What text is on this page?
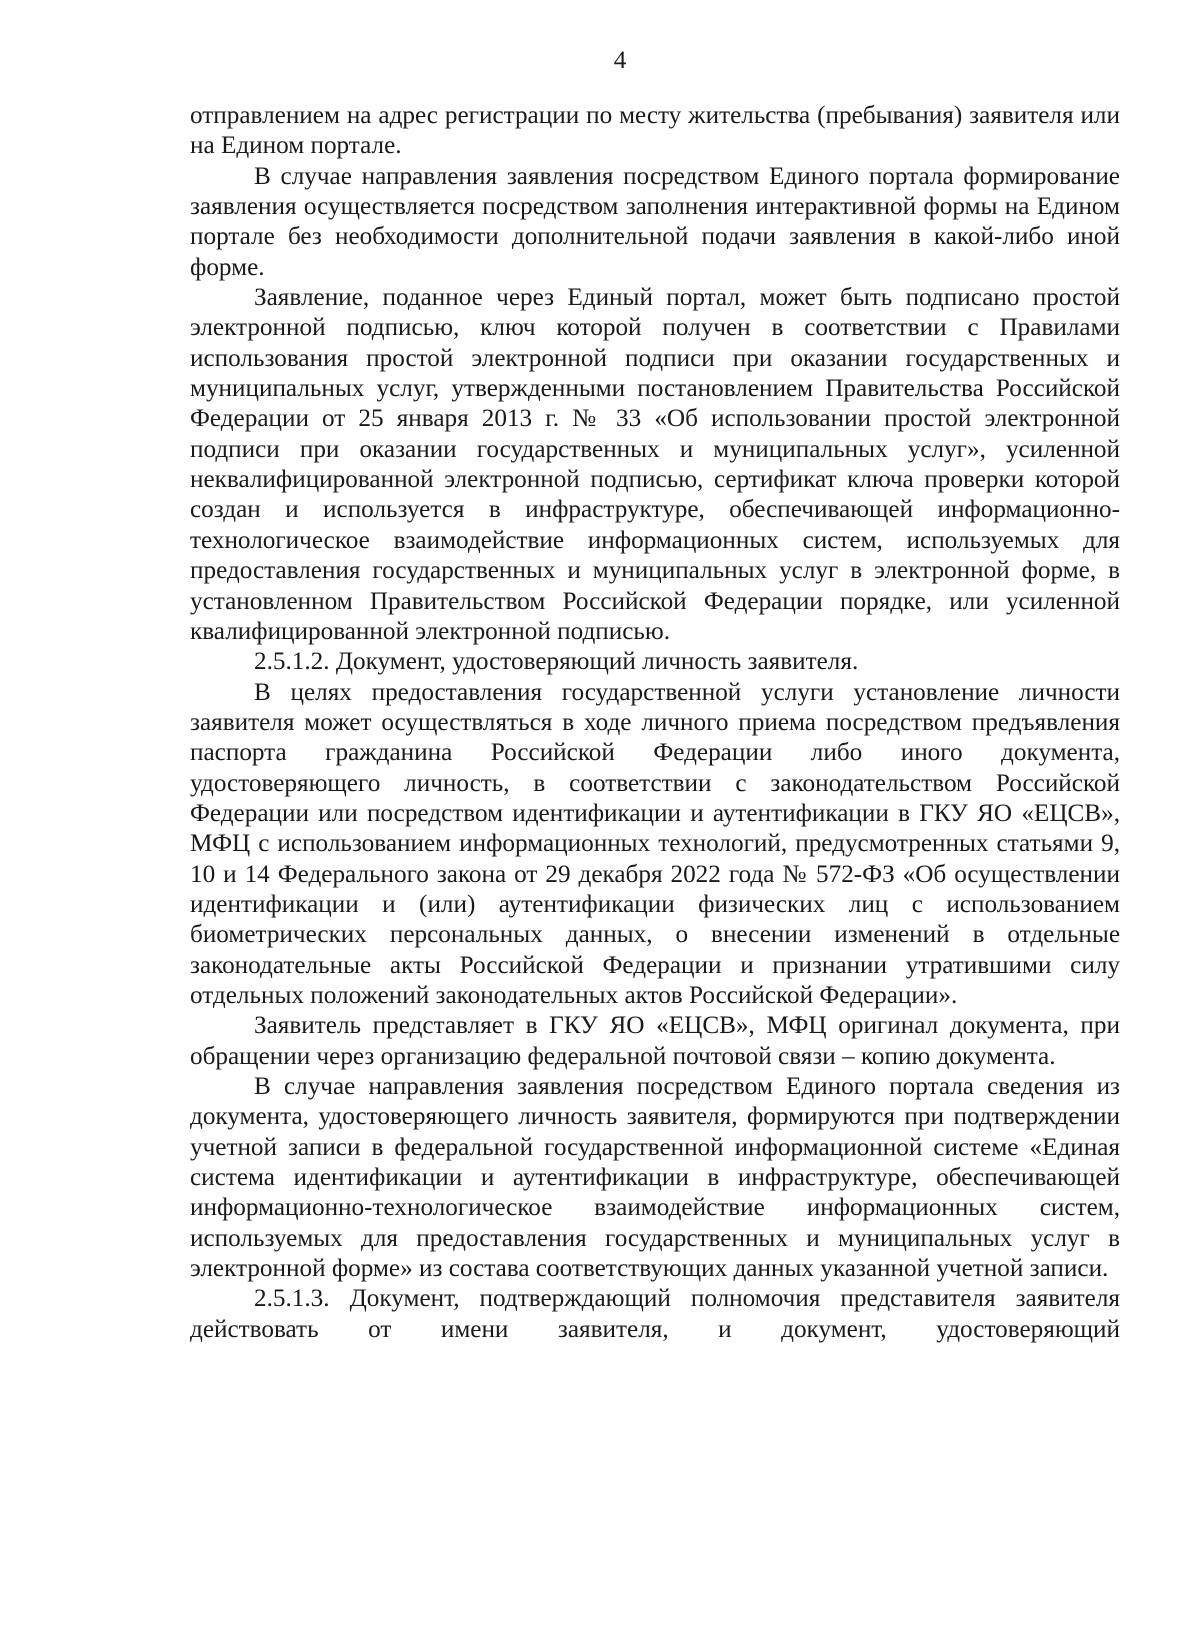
4

отправлением на адрес регистрации по месту жительства (пребывания) заявителя или на Едином портале.

В случае направления заявления посредством Единого портала формирование заявления осуществляется посредством заполнения интерактивной формы на Едином портале без необходимости дополнительной подачи заявления в какой-либо иной форме.

Заявление, поданное через Единый портал, может быть подписано простой электронной подписью, ключ которой получен в соответствии с Правилами использования простой электронной подписи при оказании государственных и муниципальных услуг, утвержденными постановлением Правительства Российской Федерации от 25 января 2013 г. № 33 «Об использовании простой электронной подписи при оказании государственных и муниципальных услуг», усиленной неквалифицированной электронной подписью, сертификат ключа проверки которой создан и используется в инфраструктуре, обеспечивающей информационно-технологическое взаимодействие информационных систем, используемых для предоставления государственных и муниципальных услуг в электронной форме, в установленном Правительством Российской Федерации порядке, или усиленной квалифицированной электронной подписью.

2.5.1.2. Документ, удостоверяющий личность заявителя.

В целях предоставления государственной услуги установление личности заявителя может осуществляться в ходе личного приема посредством предъявления паспорта гражданина Российской Федерации либо иного документа, удостоверяющего личность, в соответствии с законодательством Российской Федерации или посредством идентификации и аутентификации в ГКУ ЯО «ЕЦСВ», МФЦ с использованием информационных технологий, предусмотренных статьями 9, 10 и 14 Федерального закона от 29 декабря 2022 года № 572-ФЗ «Об осуществлении идентификации и (или) аутентификации физических лиц с использованием биометрических персональных данных, о внесении изменений в отдельные законодательные акты Российской Федерации и признании утратившими силу отдельных положений законодательных актов Российской Федерации».

Заявитель представляет в ГКУ ЯО «ЕЦСВ», МФЦ оригинал документа, при обращении через организацию федеральной почтовой связи – копию документа.

В случае направления заявления посредством Единого портала сведения из документа, удостоверяющего личность заявителя, формируются при подтверждении учетной записи в федеральной государственной информационной системе «Единая система идентификации и аутентификации в инфраструктуре, обеспечивающей информационно-технологическое взаимодействие информационных систем, используемых для предоставления государственных и муниципальных услуг в электронной форме» из состава соответствующих данных указанной учетной записи.

2.5.1.3. Документ, подтверждающий полномочия представителя заявителя действовать от имени заявителя, и документ, удостоверяющий
